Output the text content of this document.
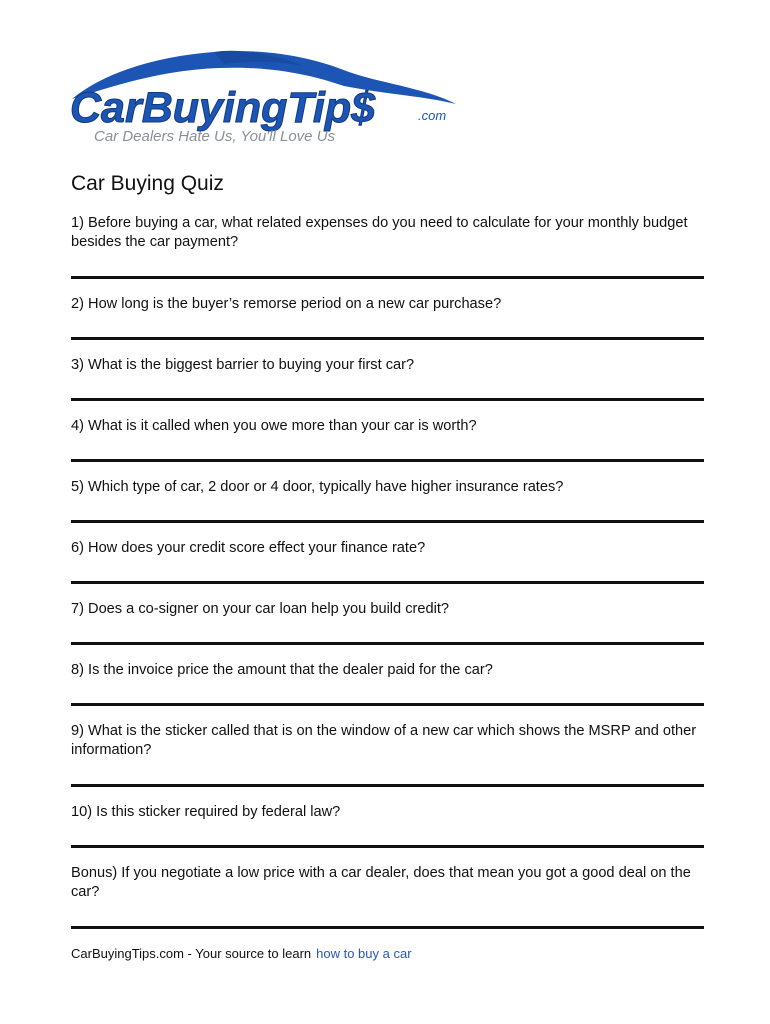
CarBuyingTip$	.com
Car Dealers Hate Us, You'll Love Us
Car Buying Quiz
1) Before buying a car, what related expenses do you need to calculate for your monthly budget besides the car payment?
2) How long is the buyer’s remorse period on a new car purchase?
3) What is the biggest barrier to buying your first car?
4) What is it called when you owe more than your car is worth?
5) Which type of car, 2 door or 4 door, typically have higher insurance rates?
6) How does your credit score effect your finance rate?
7) Does a co-signer on your car loan help you build credit?
8) Is the invoice price the amount that the dealer paid for the car?
9) What is the sticker called that is on the window of a new car which shows the MSRP and other information?
10) Is this sticker required by federal law?
Bonus) If you negotiate a low price with a car dealer, does that mean you got a good deal on the car?
CarBuyingTips.com - Your source to learn how to buy a car
